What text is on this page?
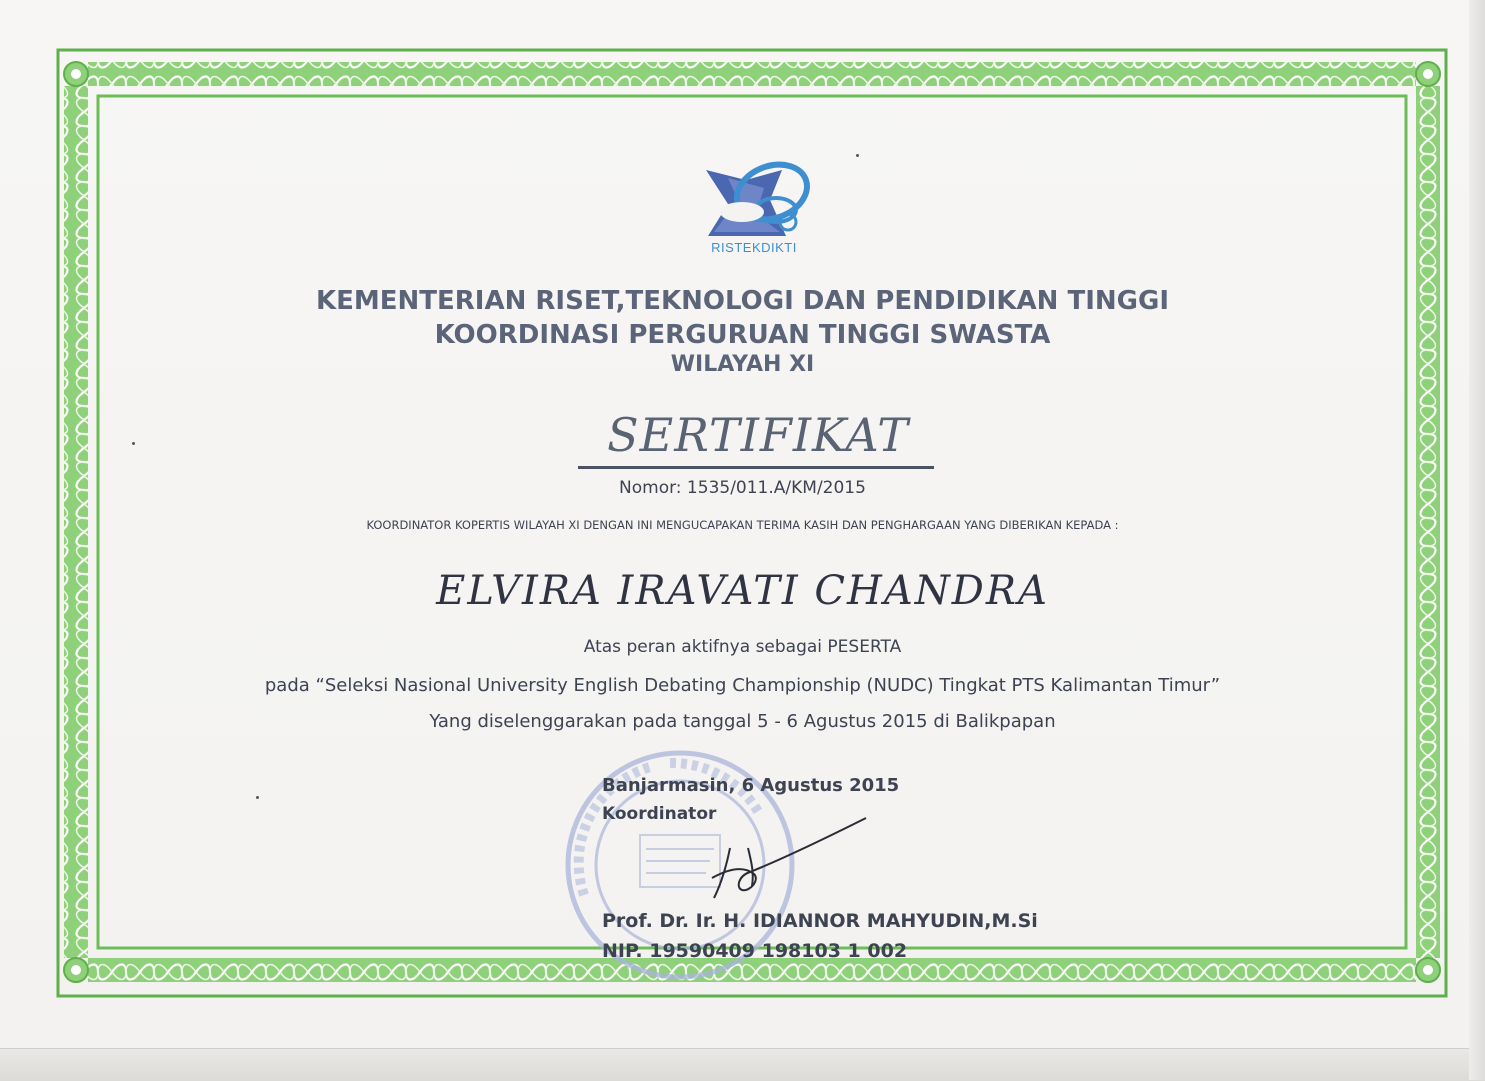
RISTEKDIKTI
KEMENTERIAN RISET,TEKNOLOGI DAN PENDIDIKAN TINGGI
KOORDINASI PERGURUAN TINGGI SWASTA
WILAYAH XI
SERTIFIKAT
Nomor: 1535/011.A/KM/2015
KOORDINATOR KOPERTIS WILAYAH XI DENGAN INI MENGUCAPAKAN TERIMA KASIH DAN PENGHARGAAN YANG DIBERIKAN KEPADA :
ELVIRA IRAVATI CHANDRA
Atas peran aktifnya sebagai PESERTA
pada “Seleksi Nasional University English Debating Championship (NUDC) Tingkat PTS Kalimantan Timur”
Yang diselenggarakan pada tanggal 5 - 6 Agustus 2015 di Balikpapan
Banjarmasin, 6 Agustus 2015
Koordinator
Prof. Dr. Ir. H. IDIANNOR MAHYUDIN,M.Si
NIP. 19590409 198103 1 002
